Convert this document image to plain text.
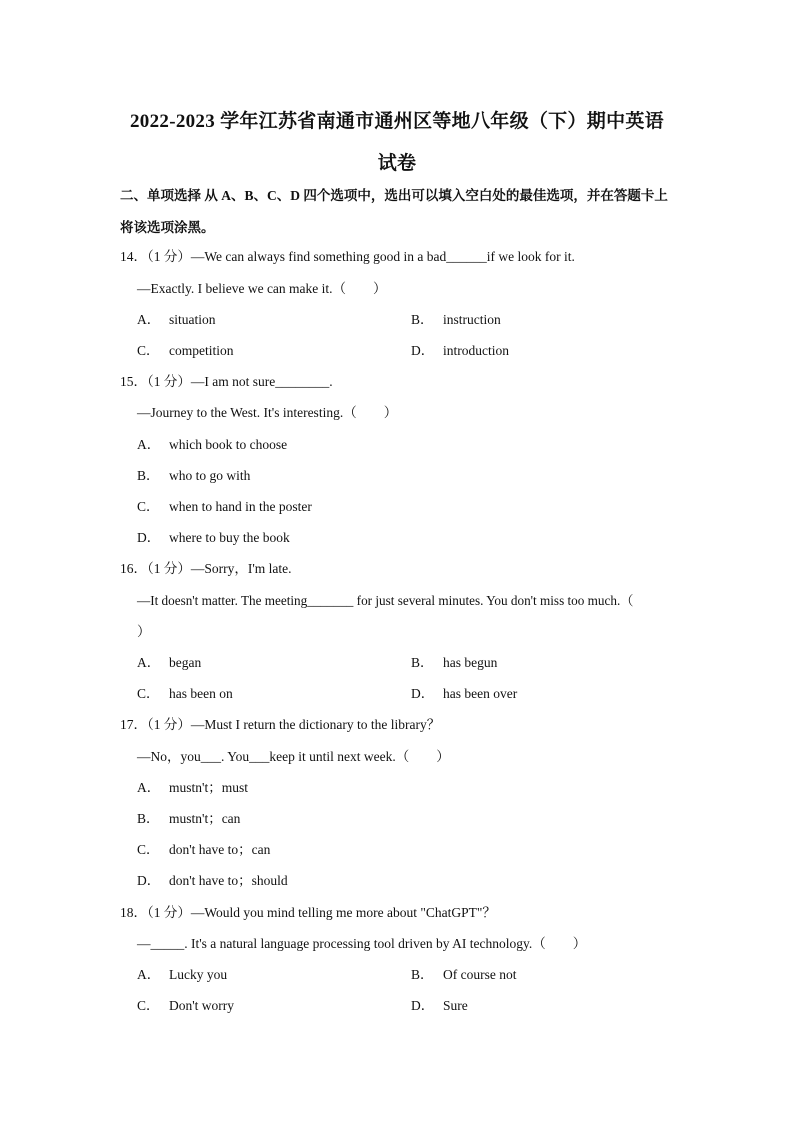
2022-2023 学年江苏省南通市通州区等地八年级（下）期中英语
试卷
二、单项选择 从 A、B、C、D 四个选项中，选出可以填入空白处的最佳选项，并在答题卡上将该选项涂黑。
14．（1 分）—We can always find something good in a bad______if we look for it.
—Exactly. I believe we can make it.（　　）
A． situation	B． instruction
C． competition	D． introduction
15．（1 分）—I am not sure________.
—Journey to the West. It's interesting.（　　）
A． which book to choose
B． who to go with
C． when to hand in the poster
D． where to buy the book
16．（1 分）—Sorry，I'm late.
—It doesn't matter. The meeting_______ for just several minutes. You don't miss too much.（
）
A． began	B． has begun
C． has been on	D． has been over
17．（1 分）—Must I return the dictionary to the library？
—No，you___. You___keep it until next week.（　　）
A． mustn't；must
B． mustn't；can
C． don't have to；can
D． don't have to；should
18．（1 分）—Would you mind telling me more about "ChatGPT"？
—_____. It's a natural language processing tool driven by AI technology.（　　）
A． Lucky you	B． Of course not
C． Don't worry	D． Sure
